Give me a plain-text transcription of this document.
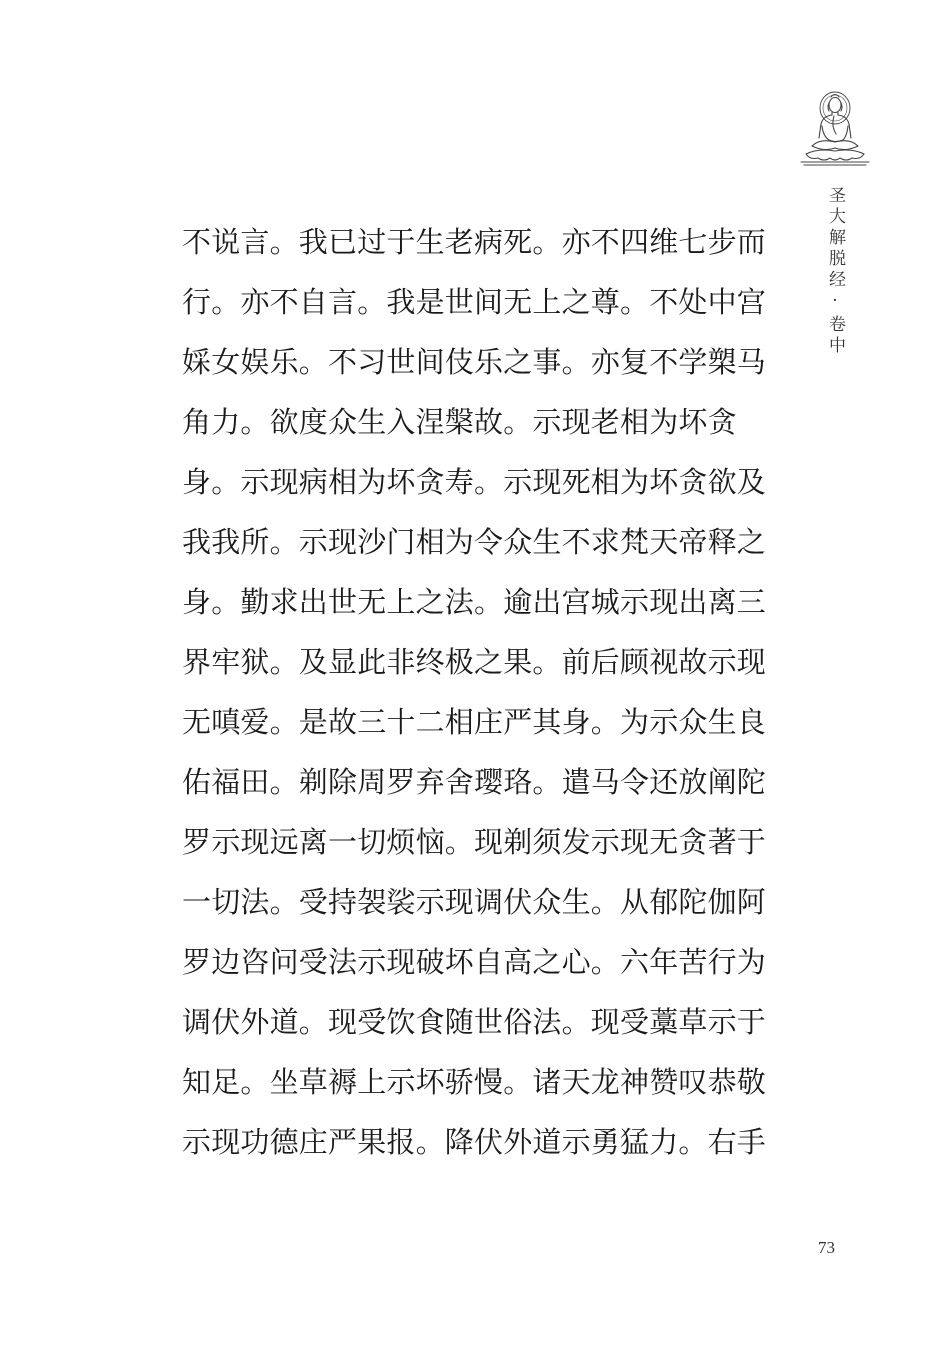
圣大解脱经·卷中
不说言。我已过于生老病死。亦不四维七步而
行。亦不自言。我是世间无上之尊。不处中宫
婇女娱乐。不习世间伎乐之事。亦复不学槊马
角力。欲度众生入涅槃故。示现老相为坏贪
身。示现病相为坏贪寿。示现死相为坏贪欲及
我我所。示现沙门相为令众生不求梵天帝释之
身。勤求出世无上之法。逾出宫城示现出离三
界牢狱。及显此非终极之果。前后顾视故示现
无嗔爱。是故三十二相庄严其身。为示众生良
佑福田。剃除周罗弃舍璎珞。遣马令还放阐陀
罗示现远离一切烦恼。现剃须发示现无贪著于
一切法。受持袈裟示现调伏众生。从郁陀伽阿
罗边咨问受法示现破坏自高之心。六年苦行为
调伏外道。现受饮食随世俗法。现受藁草示于
知足。坐草褥上示坏骄慢。诸天龙神赞叹恭敬
示现功德庄严果报。降伏外道示勇猛力。右手
73
